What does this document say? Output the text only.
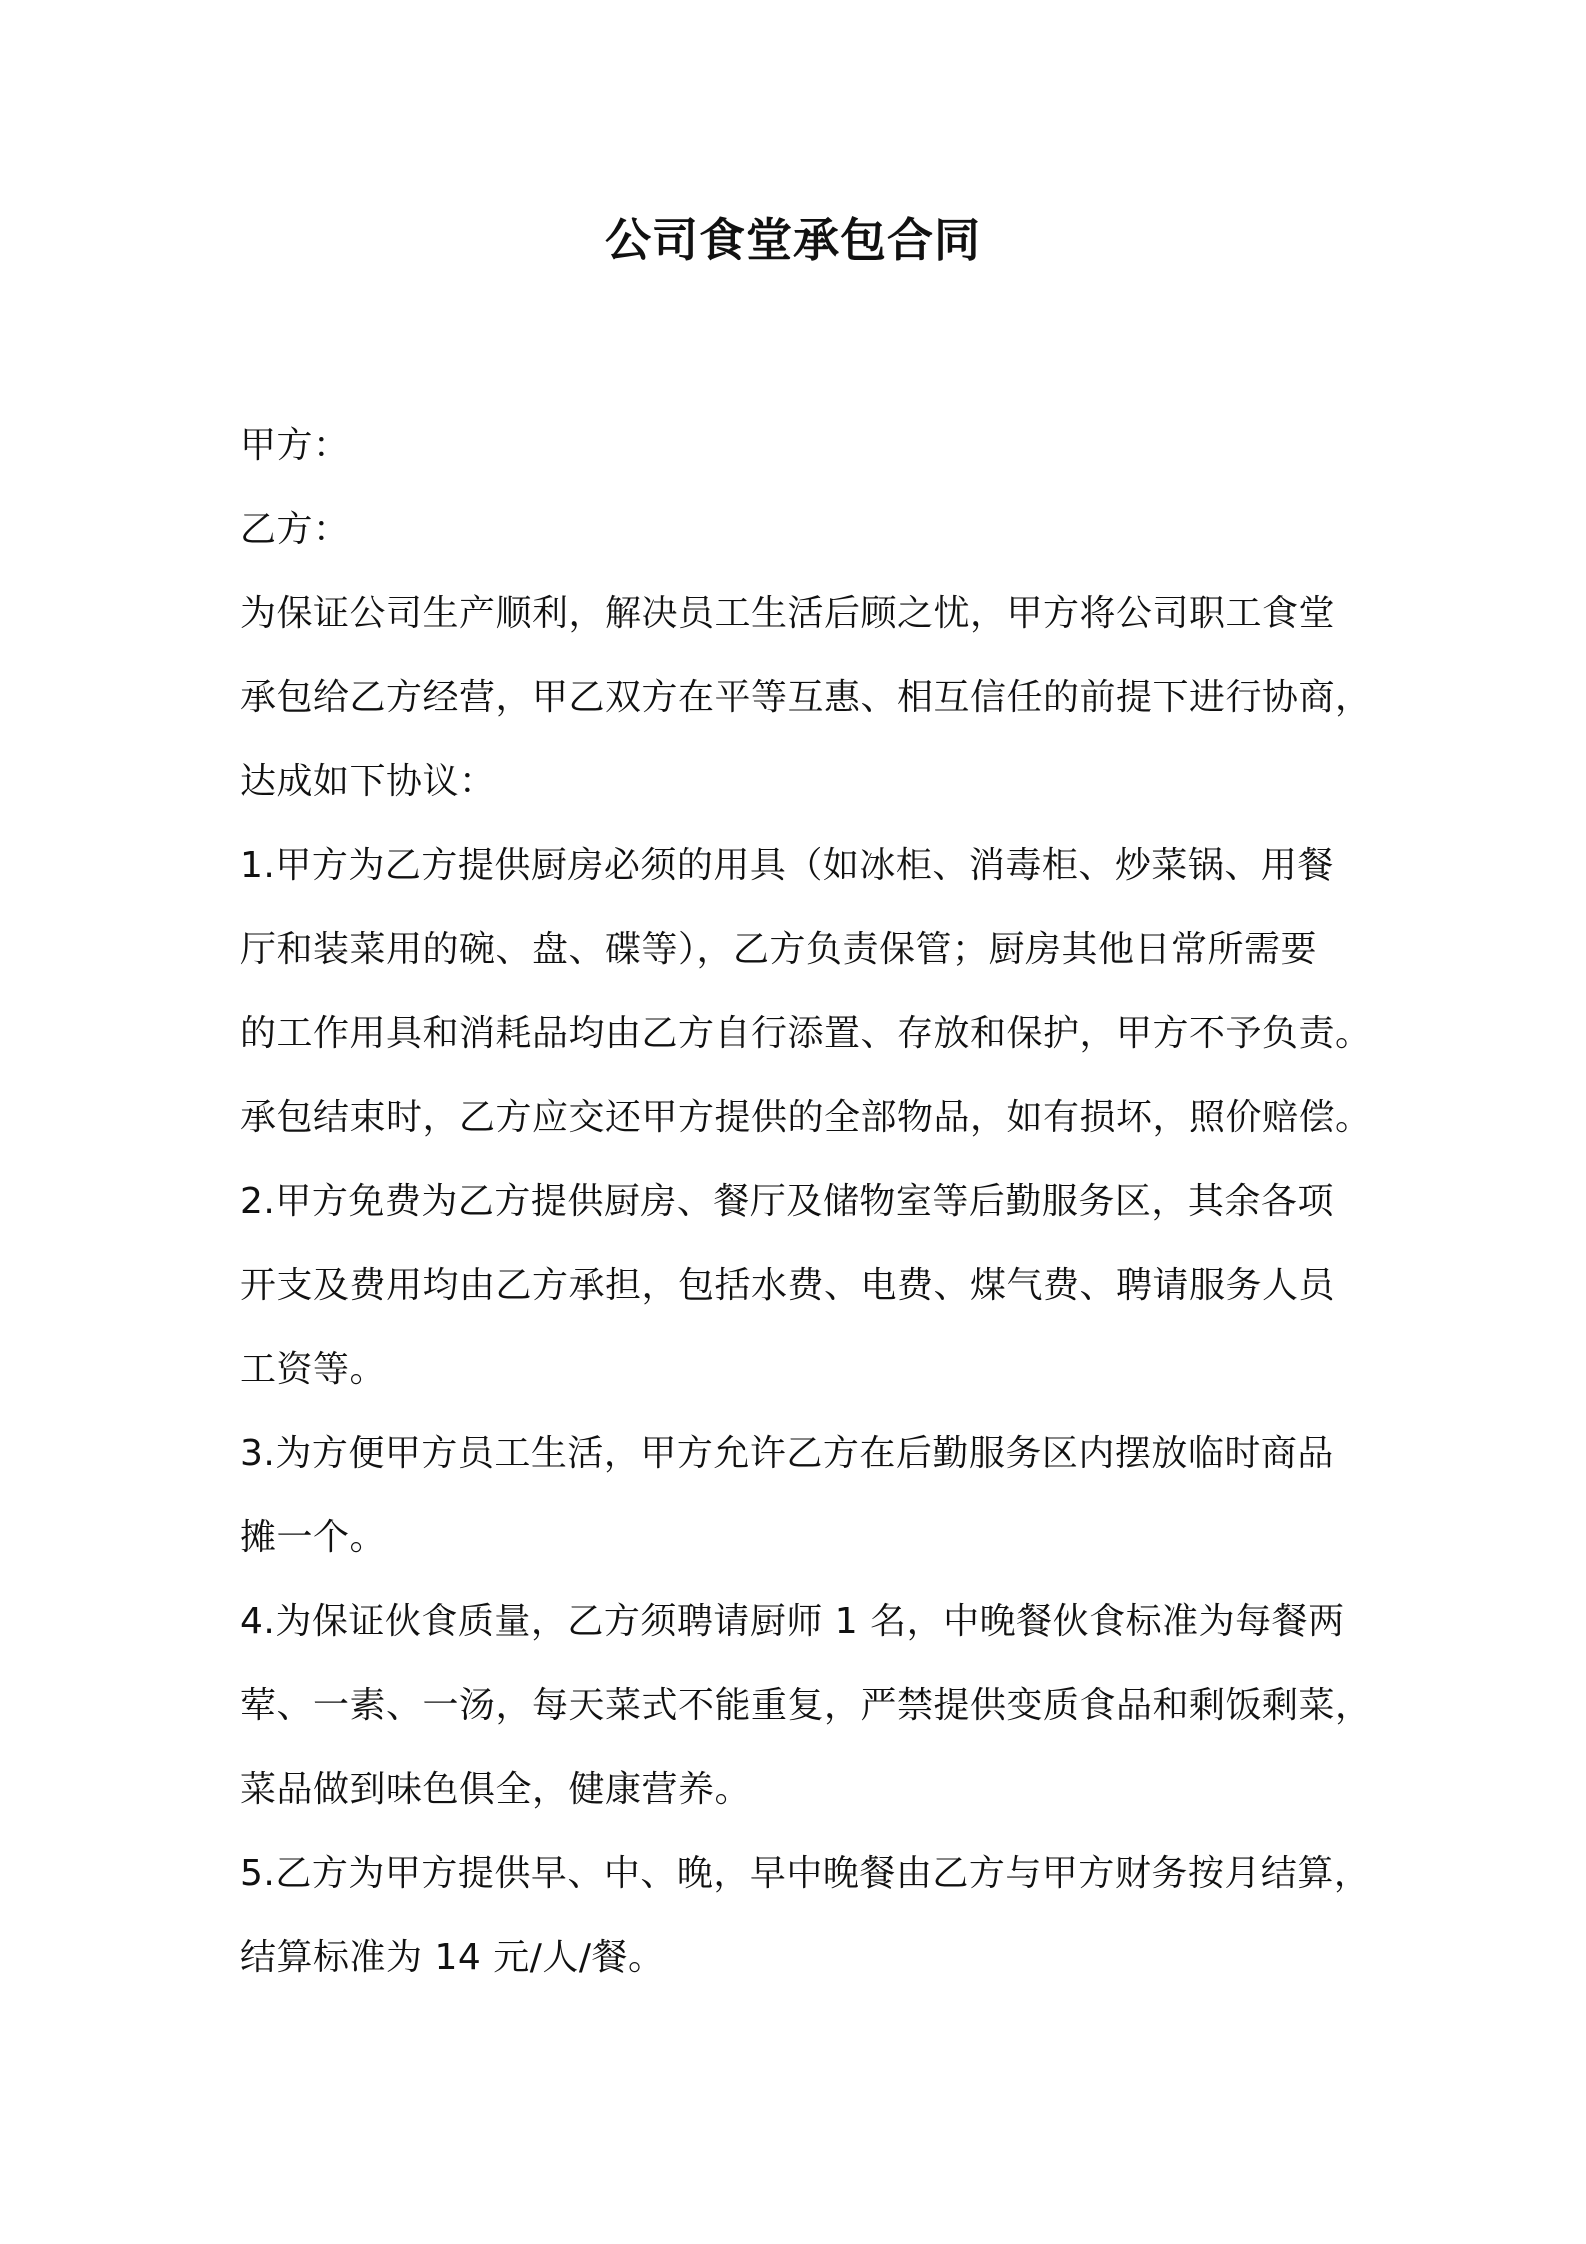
公司食堂承包合同
甲方：
乙方：
为保证公司生产顺利，解决员工生活后顾之忧，甲方将公司职工食堂
承包给乙方经营，甲乙双方在平等互惠、相互信任的前提下进行协商，
达成如下协议：
1.甲方为乙方提供厨房必须的用具（如冰柜、消毒柜、炒菜锅、用餐
厅和装菜用的碗、盘、碟等），乙方负责保管；厨房其他日常所需要
的工作用具和消耗品均由乙方自行添置、存放和保护，甲方不予负责。
承包结束时，乙方应交还甲方提供的全部物品，如有损坏，照价赔偿。
2.甲方免费为乙方提供厨房、餐厅及储物室等后勤服务区，其余各项
开支及费用均由乙方承担，包括水费、电费、煤气费、聘请服务人员
工资等。
3.为方便甲方员工生活，甲方允许乙方在后勤服务区内摆放临时商品
摊一个。
4.为保证伙食质量，乙方须聘请厨师 1 名，中晚餐伙食标准为每餐两
荤、一素、一汤，每天菜式不能重复，严禁提供变质食品和剩饭剩菜，
菜品做到味色俱全，健康营养。
5.乙方为甲方提供早、中、晚，早中晚餐由乙方与甲方财务按月结算，
结算标准为 14 元/人/餐。
